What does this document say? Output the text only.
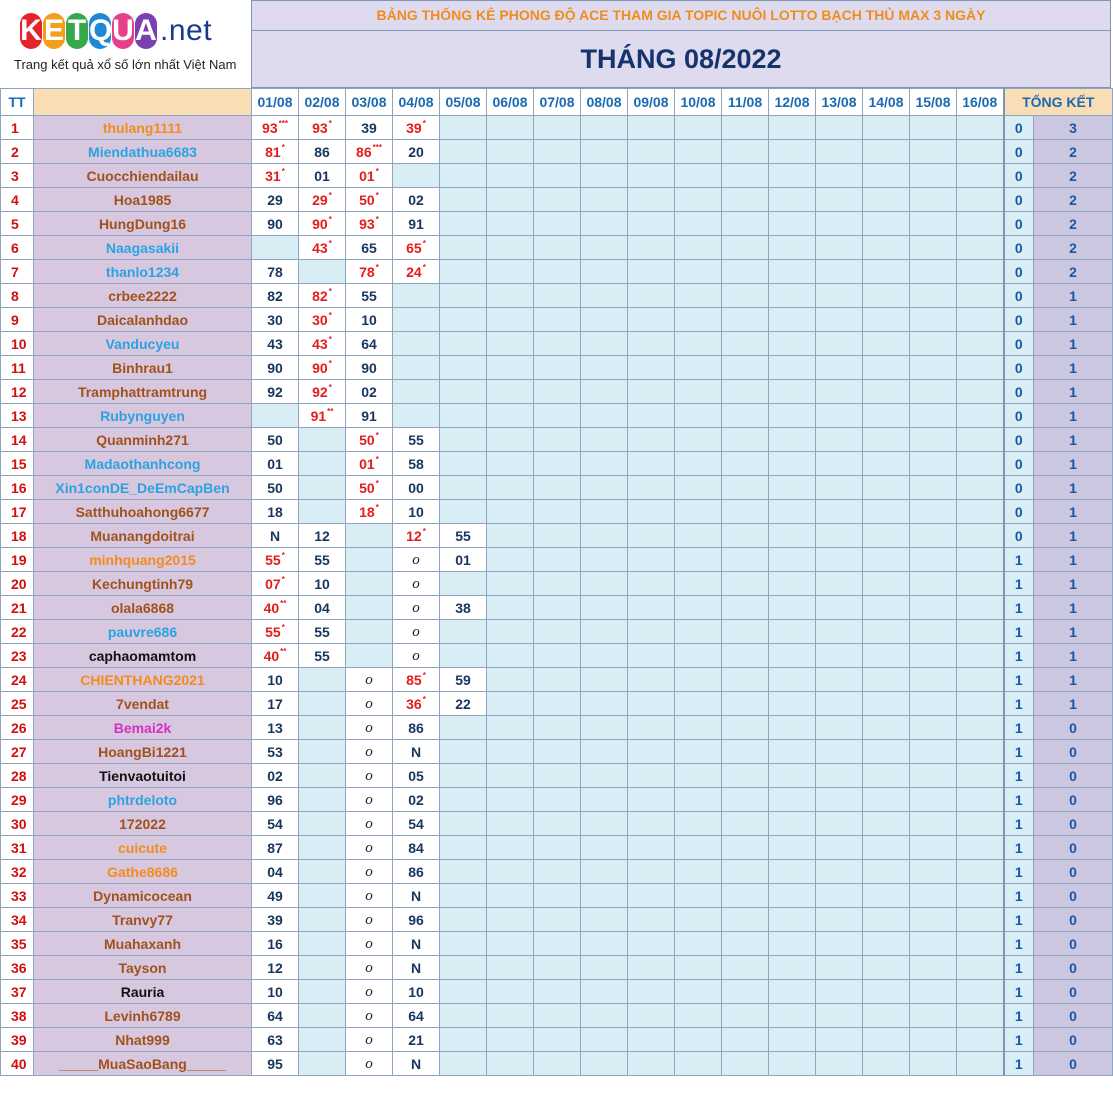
K E T Q U A .net
Trang kết quả xổ số lớn nhất Việt Nam
BẢNG THỐNG KÊ PHONG ĐỘ ACE THAM GIA TOPIC NUÔI LOTTO BẠCH THỦ MAX 3 NGÀY
THÁNG 08/2022
TT		01/08	02/08	03/08	04/08	05/08	06/08	07/08	08/08	09/08	10/08	11/08	12/08	13/08	14/08	15/08	16/08	TỔNG KẾT	
1	thulang1111	93***	93*	39	39*													0	3
2	Miendathua6683	81*	86	86***	20													0	2
3	Cuocchiendailau	31*	01	01*														0	2
4	Hoa1985	29	29*	50*	02													0	2
5	HungDung16	90	90*	93*	91													0	2
6	Naagasakii		43*	65	65*													0	2
7	thanlo1234	78		78*	24*													0	2
8	crbee2222	82	82*	55														0	1
9	Daicalanhdao	30	30*	10														0	1
10	Vanducyeu	43	43*	64														0	1
11	Binhrau1	90	90*	90														0	1
12	Tramphattramtrung	92	92*	02														0	1
13	Rubynguyen		91**	91														0	1
14	Quanminh271	50		50*	55													0	1
15	Madaothanhcong	01		01*	58													0	1
16	Xin1conDE_DeEmCapBen	50		50*	00													0	1
17	Satthuhoahong6677	18		18*	10													0	1
18	Muanangdoitrai	N	12		12*	55												0	1
19	minhquang2015	55*	55		o	01												1	1
20	Kechungtinh79	07*	10		o													1	1
21	olala6868	40**	04		o	38												1	1
22	pauvre686	55*	55		o													1	1
23	caphaomamtom	40**	55		o													1	1
24	CHIENTHANG2021	10		o	85*	59												1	1
25	7vendat	17		o	36*	22												1	1
26	Bemai2k	13		o	86													1	0
27	HoangBi1221	53		o	N													1	0
28	Tienvaotuitoi	02		o	05													1	0
29	phtrdeloto	96		o	02													1	0
30	172022	54		o	54													1	0
31	cuicute	87		o	84													1	0
32	Gathe8686	04		o	86													1	0
33	Dynamicocean	49		o	N													1	0
34	Tranvy77	39		o	96													1	0
35	Muahaxanh	16		o	N													1	0
36	Tayson	12		o	N													1	0
37	Rauria	10		o	10													1	0
38	Levinh6789	64		o	64													1	0
39	Nhat999	63		o	21													1	0
40	_____MuaSaoBang_____	95		o	N													1	0
